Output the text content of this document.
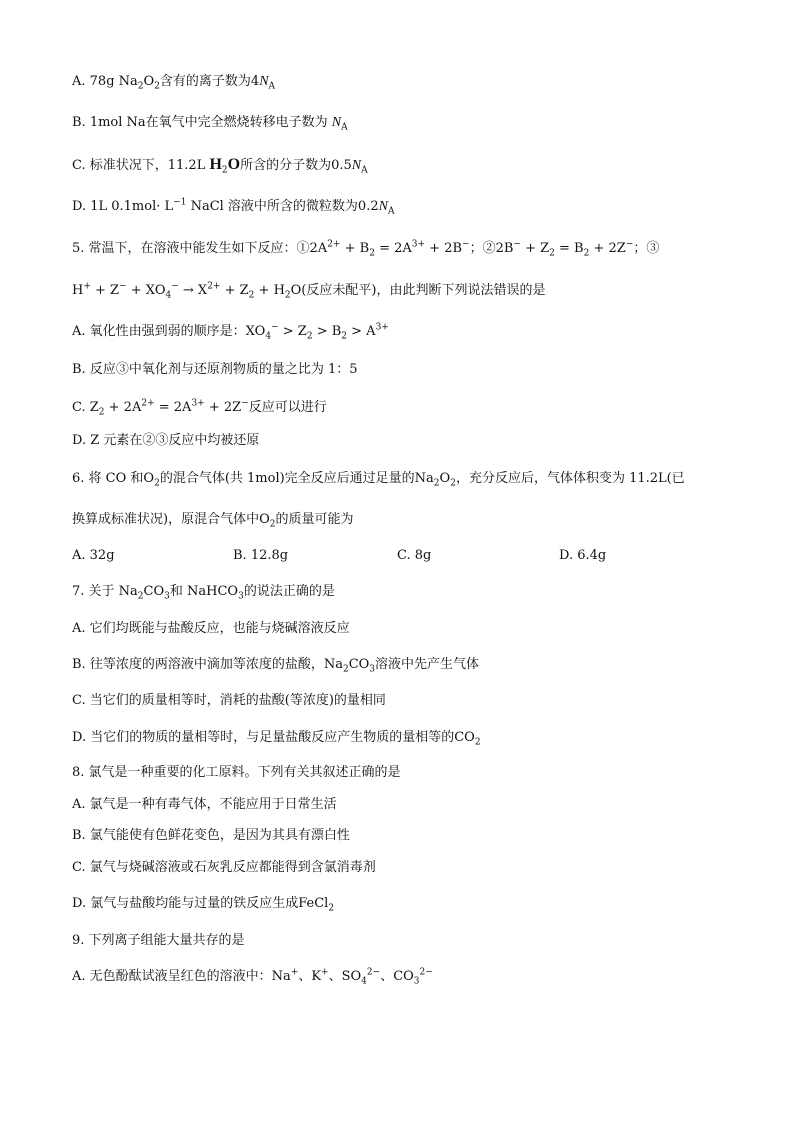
A. 78g $Na_2O_2$含有的离子数为$4N_A$
B. 1mol Na在氧气中完全燃烧转移电子数为 $N_A$
C. 标准状况下，11.2L $H_2O$所含的分子数为$0.5N_A$
D. 1L $0.1mol\cdot L^{-1}$ NaCl 溶液中所含的微粒数为$0.2N_A$
5. 常温下，在溶液中能发生如下反应：$①2A^{2+} + B_2 = 2A^{3+} + 2B^-$；②2B− + $Z_2 = B_2 + 2Z^-$；③
$H^+ + Z^- + XO_4^- \to X^{2+} + Z_2 + H_2O$(反应未配平)，由此判断下列说法错误的是
A. 氧化性由强到弱的顺序是：$XO_4^- > Z_2 > B_2 > A^{3+}$
B. 反应③中氧化剂与还原剂物质的量之比为 1：5
C. $Z_2 + 2A^{2+} = 2A^{3+} + 2Z^-$反应可以进行
D. Z 元素在②③反应中均被还原
6. 将 CO 和$O_2$的混合气体(共 1mol)完全反应后通过足量的$Na_2O_2$，充分反应后，气体体积变为 11.2L(已
换算成标准状况)，原混合气体中$O_2$的质量可能为
A. 32g	B. 12.8g	C. 8g	D. 6.4g
7. 关于 $Na_2CO_3$和 NaHCO$_3$的说法正确的是
A. 它们均既能与盐酸反应，也能与烧碱溶液反应
B. 往等浓度的两溶液中滴加等浓度的盐酸，$Na_2CO_3$溶液中先产生气体
C. 当它们的质量相等时，消耗的盐酸(等浓度)的量相同
D. 当它们的物质的量相等时，与足量盐酸反应产生物质的量相等的$CO_2$
8. 氯气是一种重要的化工原料。下列有关其叙述正确的是
A. 氯气是一种有毒气体，不能应用于日常生活
B. 氯气能使有色鲜花变色，是因为其具有漂白性
C. 氯气与烧碱溶液或石灰乳反应都能得到含氯消毒剂
D. 氯气与盐酸均能与过量的铁反应生成FeCl$_2$
9. 下列离子组能大量共存的是
A. 无色酚酞试液呈红色的溶液中：Na+、K+、$SO_4^{2-}$、$CO_3^{2-}$
